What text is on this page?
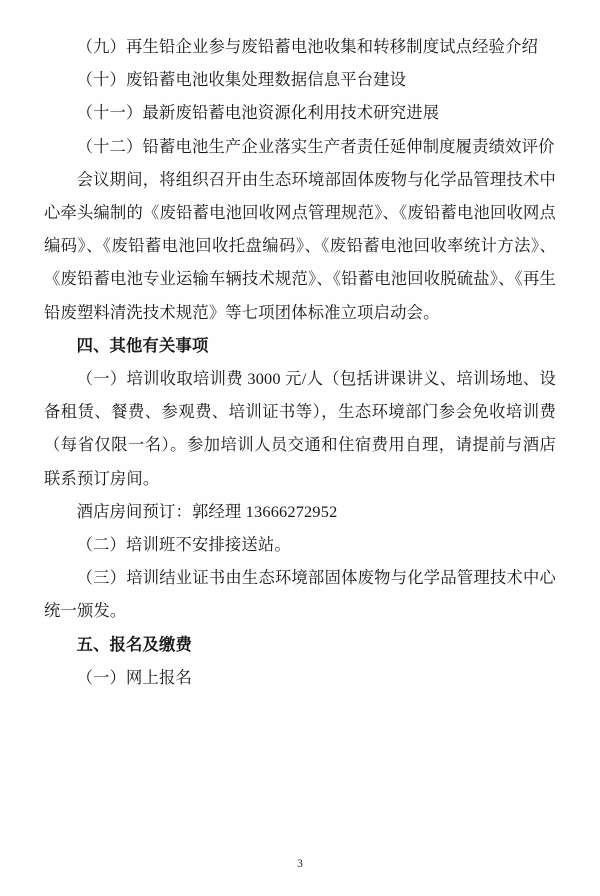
（九）再生铅企业参与废铅蓄电池收集和转移制度试点经验介绍

（十）废铅蓄电池收集处理数据信息平台建设

（十一）最新废铅蓄电池资源化利用技术研究进展

（十二）铅蓄电池生产企业落实生产者责任延伸制度履责绩效评价

会议期间，将组织召开由生态环境部固体废物与化学品管理技术中心牵头编制的《废铅蓄电池回收网点管理规范》、《废铅蓄电池回收网点编码》、《废铅蓄电池回收托盘编码》、《废铅蓄电池回收率统计方法》、《废铅蓄电池专业运输车辆技术规范》、《铅蓄电池回收脱硫盐》、《再生铅废塑料清洗技术规范》等七项团体标准立项启动会。

四、其他有关事项

（一）培训收取培训费 3000 元/人（包括讲课讲义、培训场地、设备租赁、餐费、参观费、培训证书等），生态环境部门参会免收培训费（每省仅限一名）。参加培训人员交通和住宿费用自理，请提前与酒店联系预订房间。

酒店房间预订：郭经理 13666272952

（二）培训班不安排接送站。

（三）培训结业证书由生态环境部固体废物与化学品管理技术中心统一颁发。

五、报名及缴费

（一）网上报名

3
